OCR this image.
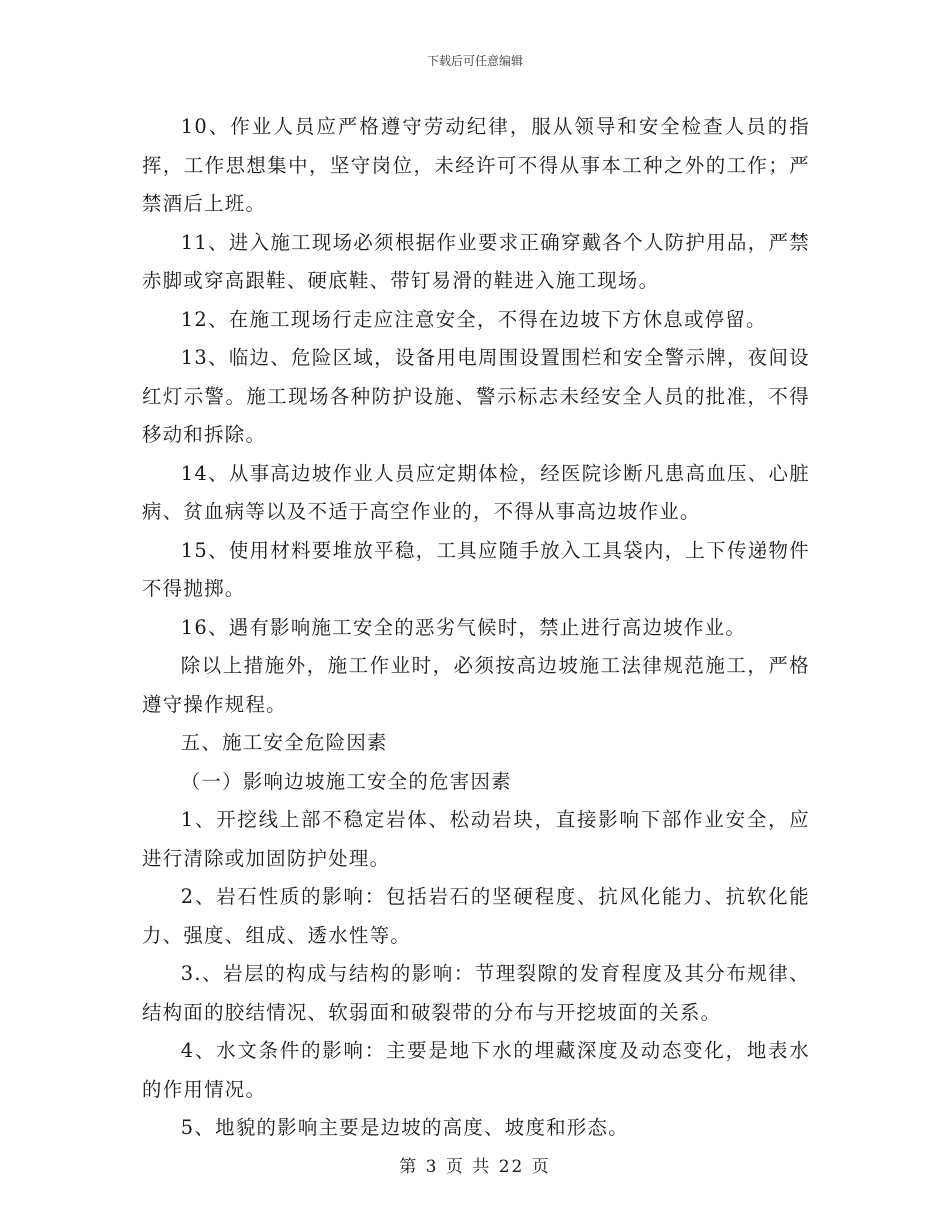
下载后可任意编辑

10、作业人员应严格遵守劳动纪律，服从领导和安全检查人员的指挥，工作思想集中，坚守岗位，未经许可不得从事本工种之外的工作；严禁酒后上班。

11、进入施工现场必须根据作业要求正确穿戴各个人防护用品，严禁赤脚或穿高跟鞋、硬底鞋、带钉易滑的鞋进入施工现场。

12、在施工现场行走应注意安全，不得在边坡下方休息或停留。

13、临边、危险区域，设备用电周围设置围栏和安全警示牌，夜间设红灯示警。施工现场各种防护设施、警示标志未经安全人员的批准，不得移动和拆除。

14、从事高边坡作业人员应定期体检，经医院诊断凡患高血压、心脏病、贫血病等以及不适于高空作业的，不得从事高边坡作业。

15、使用材料要堆放平稳，工具应随手放入工具袋内，上下传递物件不得抛掷。

16、遇有影响施工安全的恶劣气候时，禁止进行高边坡作业。

除以上措施外，施工作业时，必须按高边坡施工法律规范施工，严格遵守操作规程。

五、施工安全危险因素

（一）影响边坡施工安全的危害因素

1、开挖线上部不稳定岩体、松动岩块，直接影响下部作业安全，应进行清除或加固防护处理。

2、岩石性质的影响：包括岩石的坚硬程度、抗风化能力、抗软化能力、强度、组成、透水性等。

3.、岩层的构成与结构的影响：节理裂隙的发育程度及其分布规律、结构面的胶结情况、软弱面和破裂带的分布与开挖坡面的关系。

4、水文条件的影响：主要是地下水的埋藏深度及动态变化，地表水的作用情况。

5、地貌的影响主要是边坡的高度、坡度和形态。

第 3 页 共 22 页
